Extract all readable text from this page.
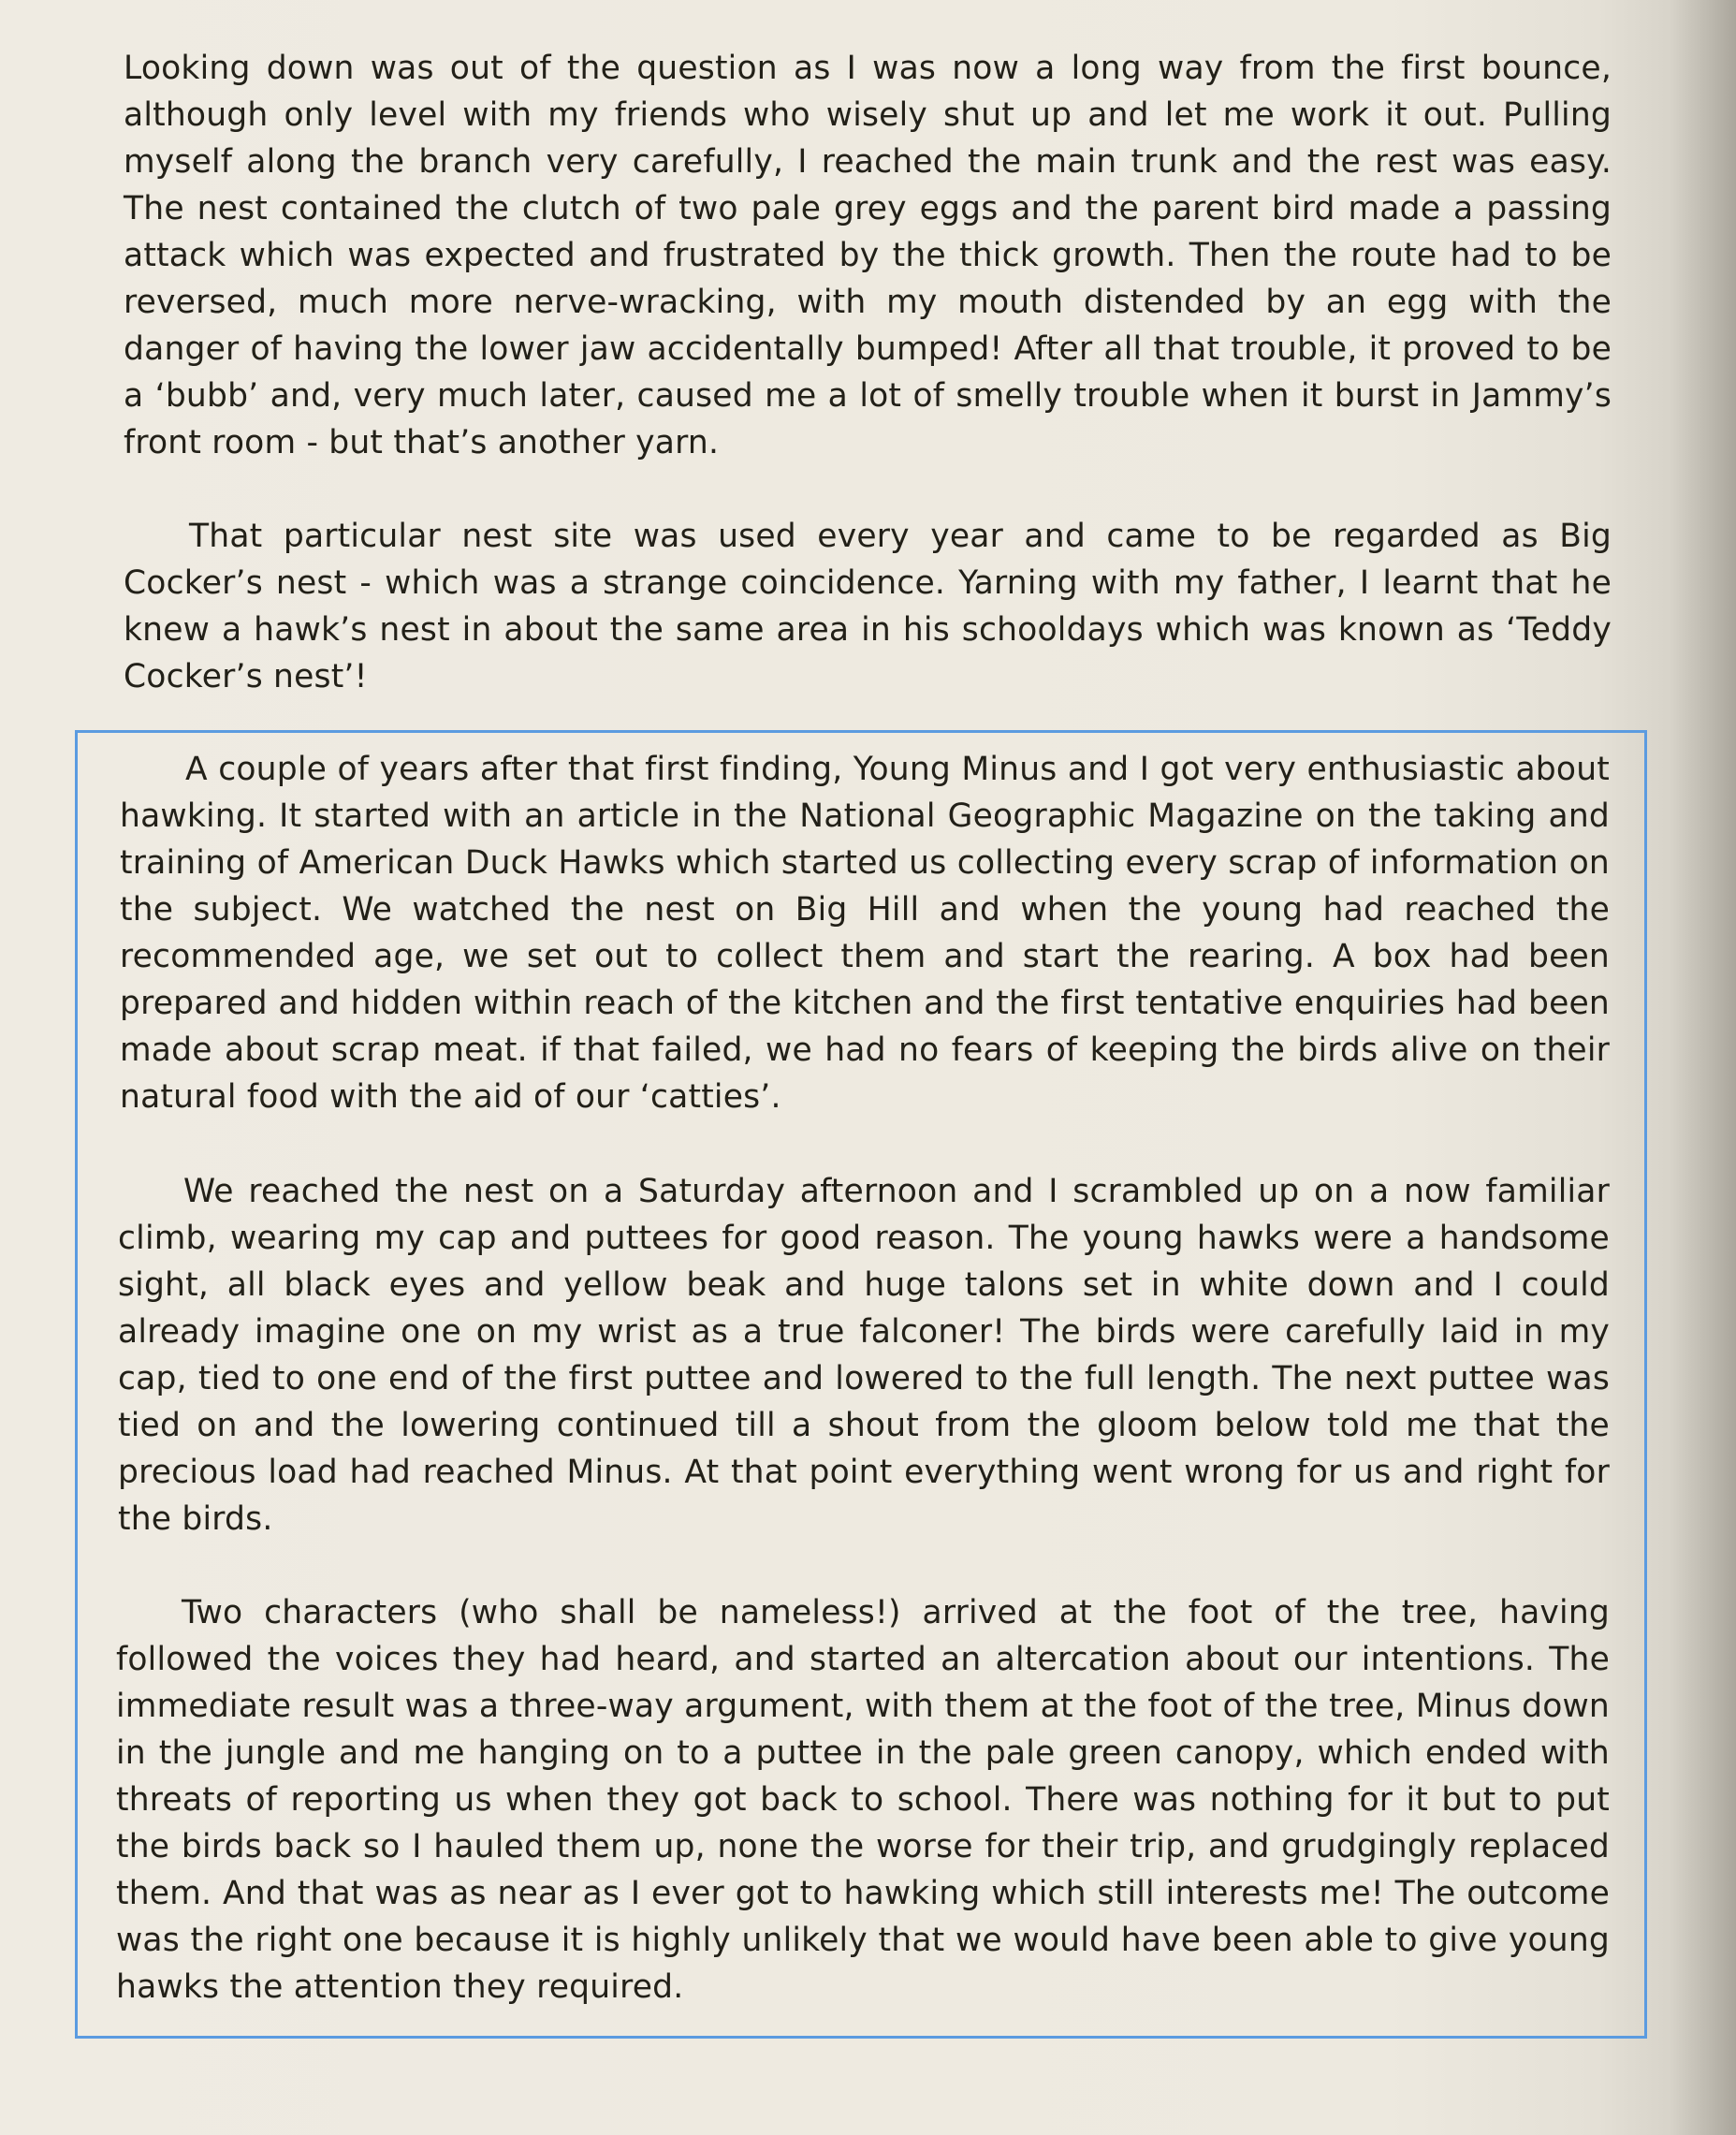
Looking down was out of the question as I was now a long way from the first bounce, although only level with my friends who wisely shut up and let me work it out. Pulling myself along the branch very carefully, I reached the main trunk and the rest was easy. The nest contained the clutch of two pale grey eggs and the parent bird made a passing attack which was expected and frustrated by the thick growth. Then the route had to be reversed, much more nerve-wracking, with my mouth distended by an egg with the danger of having the lower jaw accidentally bumped! After all that trouble, it proved to be a ‘bubb’ and, very much later, caused me a lot of smelly trouble when it burst in Jammy’s front room - but that’s another yarn.

That particular nest site was used every year and came to be regarded as Big Cocker’s nest - which was a strange coincidence. Yarning with my father, I learnt that he knew a hawk’s nest in about the same area in his schooldays which was known as ‘Teddy Cocker’s nest’!

A couple of years after that first finding, Young Minus and I got very enthusiastic about hawking. It started with an article in the National Geographic Magazine on the taking and training of American Duck Hawks which started us collecting every scrap of information on the subject. We watched the nest on Big Hill and when the young had reached the recommended age, we set out to collect them and start the rearing. A box had been prepared and hidden within reach of the kitchen and the first tentative enquiries had been made about scrap meat. if that failed, we had no fears of keeping the birds alive on their natural food with the aid of our ‘catties’.

We reached the nest on a Saturday afternoon and I scrambled up on a now familiar climb, wearing my cap and puttees for good reason. The young hawks were a handsome sight, all black eyes and yellow beak and huge talons set in white down and I could already imagine one on my wrist as a true falconer! The birds were carefully laid in my cap, tied to one end of the first puttee and lowered to the full length. The next puttee was tied on and the lowering continued till a shout from the gloom below told me that the precious load had reached Minus. At that point everything went wrong for us and right for the birds.

Two characters (who shall be nameless!) arrived at the foot of the tree, having followed the voices they had heard, and started an altercation about our intentions. The immediate result was a three-way argument, with them at the foot of the tree, Minus down in the jungle and me hanging on to a puttee in the pale green canopy, which ended with threats of reporting us when they got back to school. There was nothing for it but to put the birds back so I hauled them up, none the worse for their trip, and grudgingly replaced them. And that was as near as I ever got to hawking which still interests me! The outcome was the right one because it is highly unlikely that we would have been able to give young hawks the attention they required.
